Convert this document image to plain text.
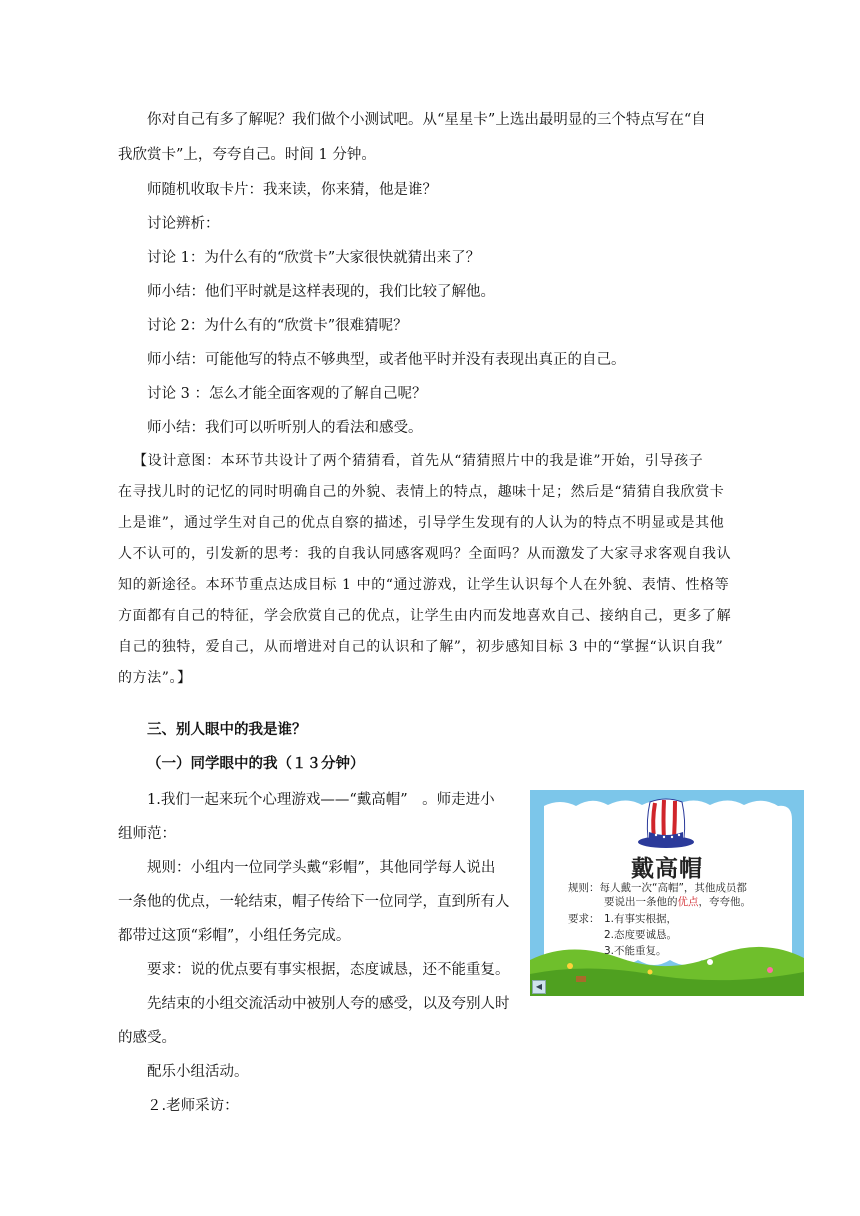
你对自己有多了解呢？我们做个小测试吧。从“星星卡”上选出最明显的三个特点写在“自

我欣赏卡”上，夸夸自己。时间 1 分钟。

师随机收取卡片：我来读，你来猜，他是谁？

讨论辨析：

讨论 1：为什么有的“欣赏卡”大家很快就猜出来了？

师小结：他们平时就是这样表现的，我们比较了解他。

讨论 2：为什么有的“欣赏卡”很难猜呢？

师小结：可能他写的特点不够典型，或者他平时并没有表现出真正的自己。

讨论 3 ：怎么才能全面客观的了解自己呢？

师小结：我们可以听听别人的看法和感受。

【设计意图：本环节共设计了两个猜猜看，首先从“猜猜照片中的我是谁”开始，引导孩子

在寻找儿时的记忆的同时明确自己的外貌、表情上的特点，趣味十足；然后是“猜猜自我欣赏卡

上是谁”，通过学生对自己的优点自察的描述，引导学生发现有的人认为的特点不明显或是其他

人不认可的，引发新的思考：我的自我认同感客观吗？全面吗？从而激发了大家寻求客观自我认

知的新途径。本环节重点达成目标 1 中的“通过游戏，让学生认识每个人在外貌、表情、性格等

方面都有自己的特征，学会欣赏自己的优点，让学生由内而发地喜欢自己、接纳自己，更多了解

自己的独特，爱自己，从而增进对自己的认识和了解”，初步感知目标 3 中的“掌握“认识自我”

的方法”。】

三、别人眼中的我是谁？

（一）同学眼中的我（１３分钟）

1.我们一起来玩个心理游戏——“戴高帽”　。师走进小

组师范：

规则：小组内一位同学头戴“彩帽”，其他同学每人说出

一条他的优点，一轮结束，帽子传给下一位同学，直到所有人

都带过这顶“彩帽”，小组任务完成。

要求：说的优点要有事实根据，态度诚恳，还不能重复。

先结束的小组交流活动中被别人夸的感受，以及夸别人时

的感受。

配乐小组活动。

２.老师采访：

戴高帽
规则：每人戴一次“高帽”，其他成员都
要说出一条他的优点，夸夸他。
要求： 1.有事实根据，
2.态度要诚恳。
3.不能重复。
◀
